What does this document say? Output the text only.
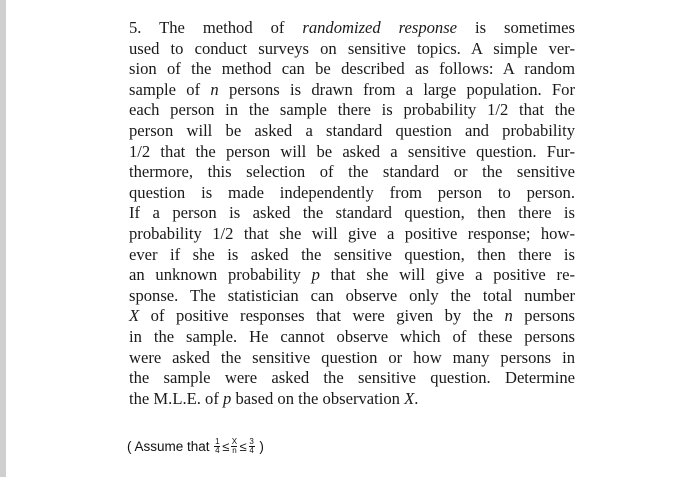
5. The method of randomized response is sometimes
used to conduct surveys on sensitive topics. A simple ver-
sion of the method can be described as follows: A random
sample of n persons is drawn from a large population. For
each person in the sample there is probability 1/2 that the
person will be asked a standard question and probability
1/2 that the person will be asked a sensitive question. Fur-
thermore, this selection of the standard or the sensitive
question is made independently from person to person.
If a person is asked the standard question, then there is
probability 1/2 that she will give a positive response; how-
ever if she is asked the sensitive question, then there is
an unknown probability p that she will give a positive re-
sponse. The statistician can observe only the total number
X of positive responses that were given by the n persons
in the sample. He cannot observe which of these persons
were asked the sensitive question or how many persons in
the sample were asked the sensitive question. Determine
the M.L.E. of p based on the observation X.
( Assume that $\frac{1}{4} \le \frac{X}{n} \le \frac{3}{4}$ )
